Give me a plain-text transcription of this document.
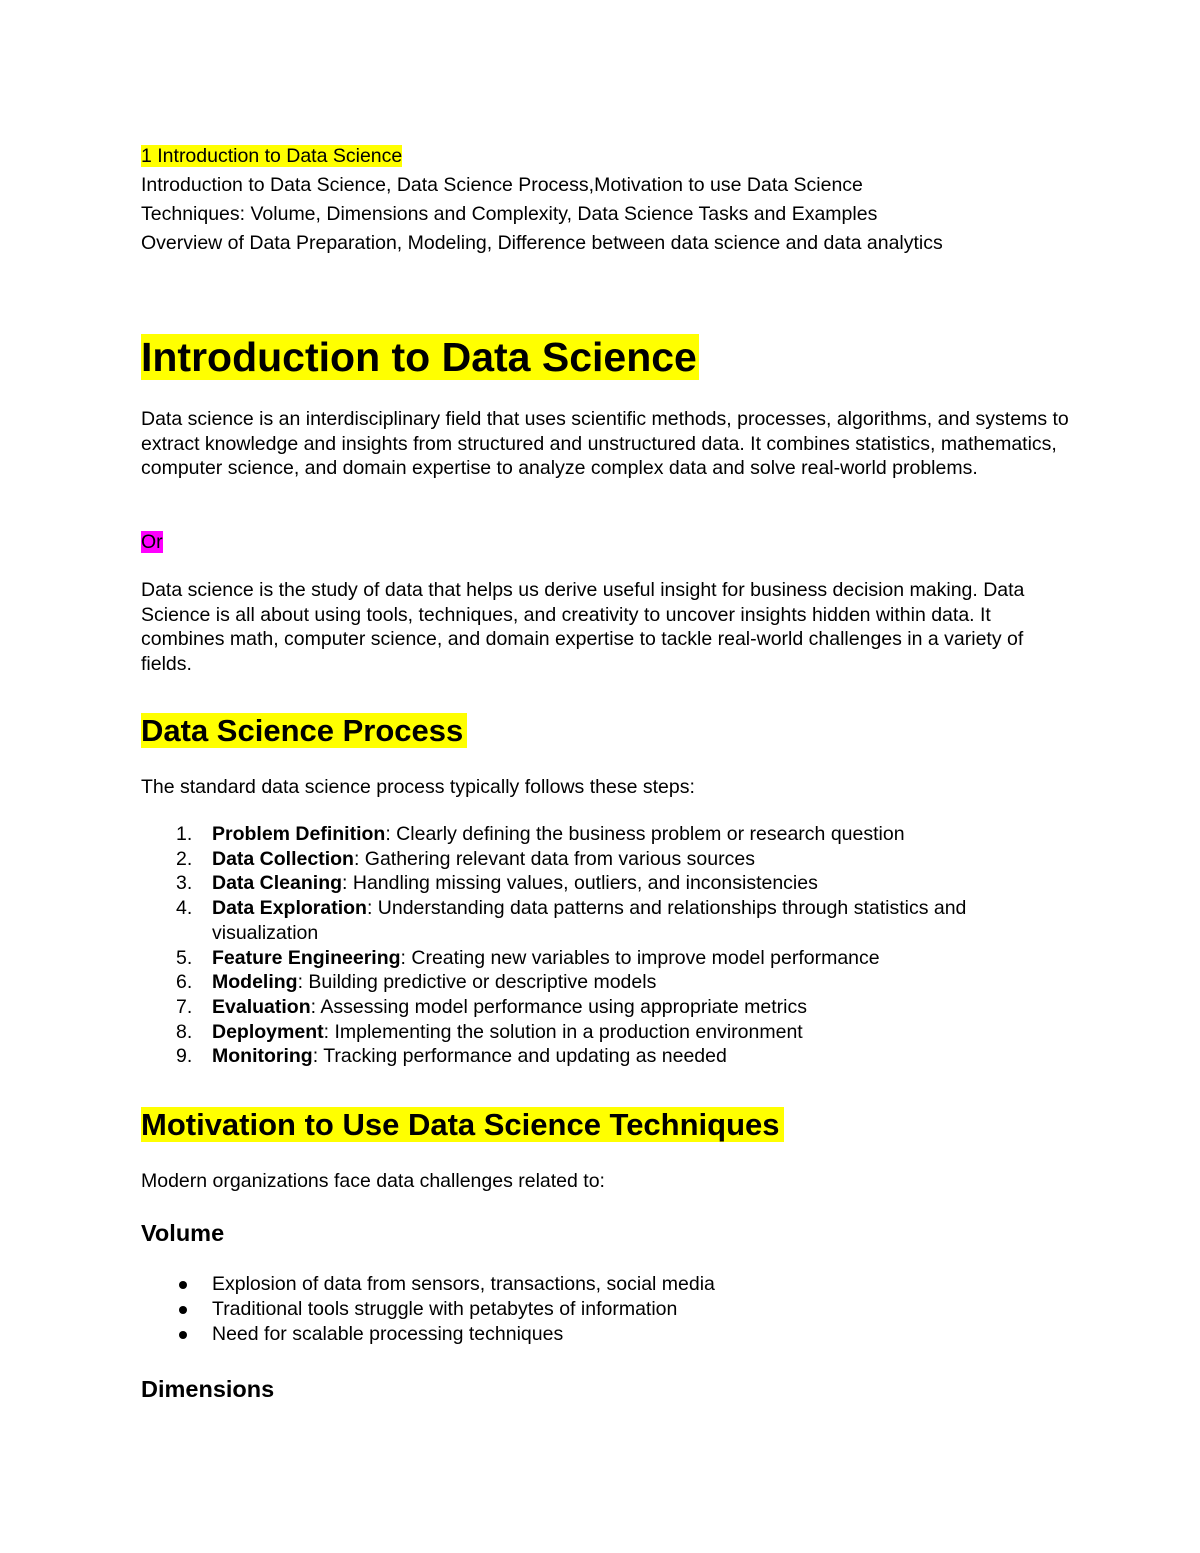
1 Introduction to Data Science
Introduction to Data Science, Data Science Process,Motivation to use Data Science
Techniques: Volume, Dimensions and Complexity, Data Science Tasks and Examples
Overview of Data Preparation, Modeling, Difference between data science and data analytics
Introduction to Data Science

Data science is an interdisciplinary field that uses scientific methods, processes, algorithms, and systems to extract knowledge and insights from structured and unstructured data. It combines statistics, mathematics, computer science, and domain expertise to analyze complex data and solve real-world problems.

Or

Data science is the study of data that helps us derive useful insight for business decision making. Data Science is all about using tools, techniques, and creativity to uncover insights hidden within data. It combines math, computer science, and domain expertise to tackle real-world challenges in a variety of fields.

Data Science Process

The standard data science process typically follows these steps:

1. Problem Definition: Clearly defining the business problem or research question
2. Data Collection: Gathering relevant data from various sources
3. Data Cleaning: Handling missing values, outliers, and inconsistencies
4. Data Exploration: Understanding data patterns and relationships through statistics and visualization
5. Feature Engineering: Creating new variables to improve model performance
6. Modeling: Building predictive or descriptive models
7. Evaluation: Assessing model performance using appropriate metrics
8. Deployment: Implementing the solution in a production environment
9. Monitoring: Tracking performance and updating as needed
Motivation to Use Data Science Techniques

Modern organizations face data challenges related to:

Volume
Explosion of data from sensors, transactions, social media
Traditional tools struggle with petabytes of information
Need for scalable processing techniques
Dimensions
